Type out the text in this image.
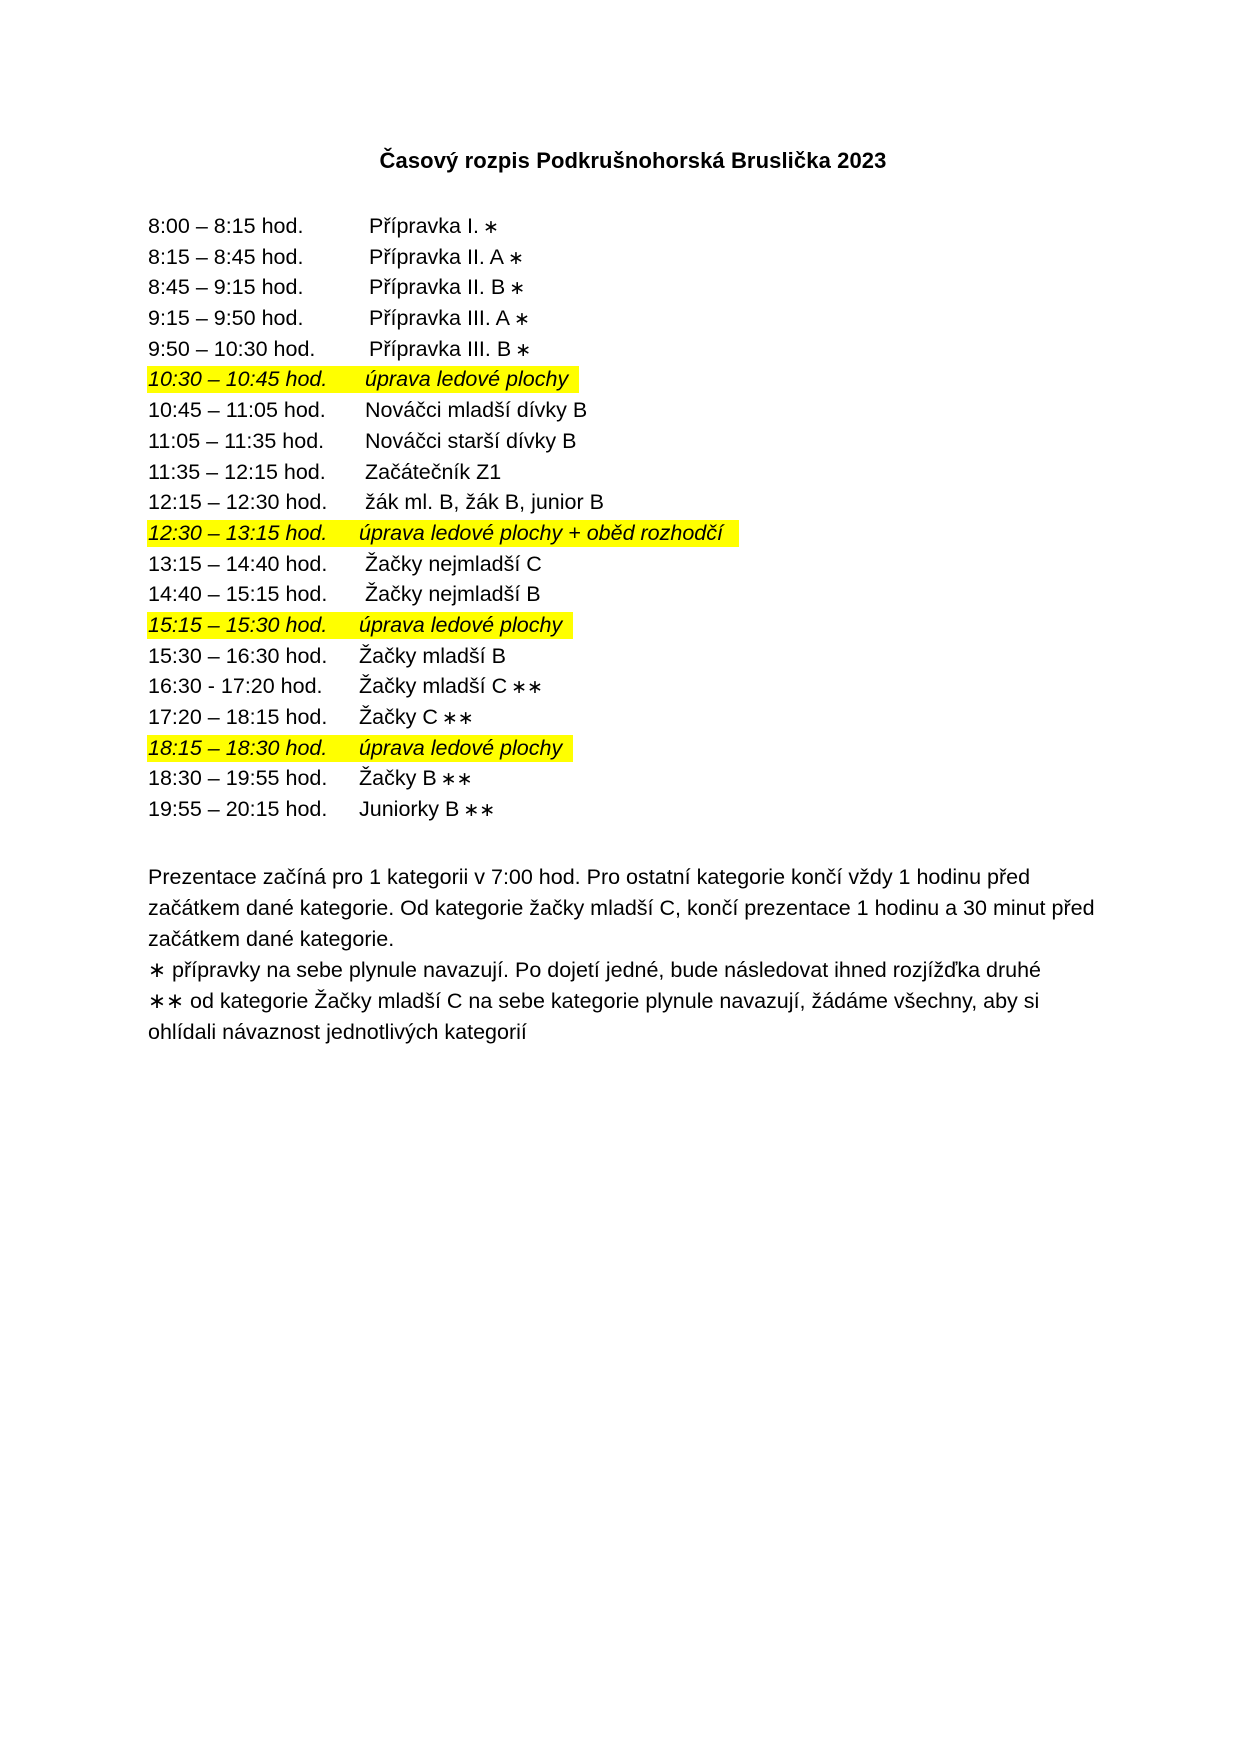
Časový rozpis Podkrušnohorská Bruslička 2023
8:00 – 8:15 hod.	Přípravka I. ∗
8:15 – 8:45 hod.	Přípravka II. A ∗
8:45 – 9:15 hod.	Přípravka II. B ∗
9:15 – 9:50 hod.	Přípravka III. A ∗
9:50 – 10:30 hod. Přípravka III. B ∗
10:30 – 10:45 hod. úprava ledové plochy
10:45 – 11:05 hod. Nováčci mladší dívky B
11:05 – 11:35 hod. Nováčci starší dívky B
11:35 – 12:15 hod. Začátečník Z1
12:15 – 12:30 hod. žák ml. B, žák B, junior B
12:30 – 13:15 hod. úprava ledové plochy + oběd rozhodčí
13:15 – 14:40 hod. Žačky nejmladší C
14:40 – 15:15 hod. Žačky nejmladší B
15:15 – 15:30 hod. úprava ledové plochy
15:30 – 16:30 hod. Žačky mladší B
16:30 - 17:20 hod. Žačky mladší C ∗∗
17:20 – 18:15 hod. Žačky C ∗∗
18:15 – 18:30 hod. úprava ledové plochy
18:30 – 19:55 hod. Žačky B ∗∗
19:55 – 20:15 hod. Juniorky B ∗∗

Prezentace začíná pro 1 kategorii v 7:00 hod. Pro ostatní kategorie končí vždy 1 hodinu před začátkem dané kategorie. Od kategorie žačky mladší C, končí prezentace 1 hodinu a 30 minut před začátkem dané kategorie.

∗ přípravky na sebe plynule navazují. Po dojetí jedné, bude následovat ihned rozjížďka druhé

∗∗ od kategorie Žačky mladší C na sebe kategorie plynule navazují, žádáme všechny, aby si ohlídali návaznost jednotlivých kategorií
